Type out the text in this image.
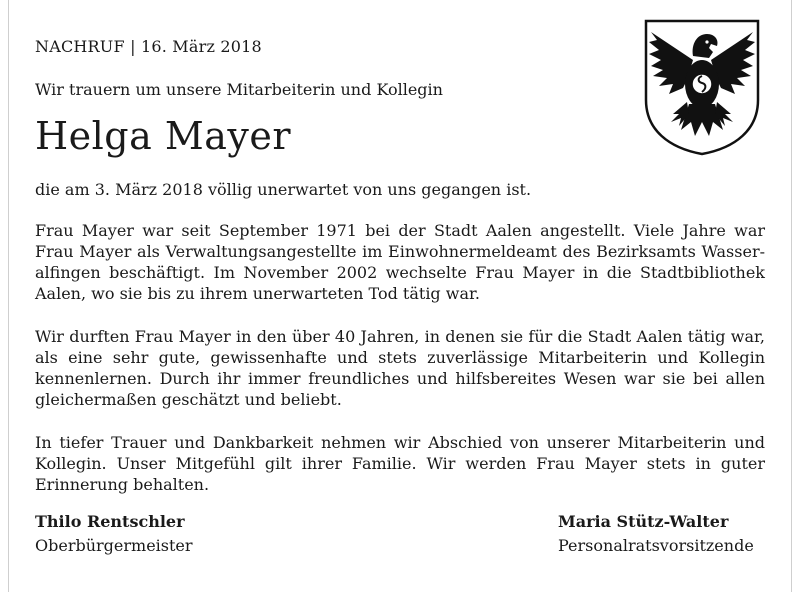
NACHRUF | 16. März 2018
Wir trauern um unsere Mitarbeiterin und Kollegin
Helga Mayer
die am 3. März 2018 völlig unerwartet von uns gegangen ist.

Frau Mayer war seit September 1971 bei der Stadt Aalen angestellt. Viele Jahre war Frau Mayer als Verwaltungsangestellte im Einwohnermeldeamt des Bezirksamts Wasseralfingen beschäftigt. Im November 2002 wechselte Frau Mayer in die Stadtbibliothek Aalen, wo sie bis zu ihrem unerwarteten Tod tätig war.

Wir durften Frau Mayer in den über 40 Jahren, in denen sie für die Stadt Aalen tätig war, als eine sehr gute, gewissenhafte und stets zuverlässige Mitarbeiterin und Kollegin kennenlernen. Durch ihr immer freundliches und hilfsbereites Wesen war sie bei allen gleichermaßen geschätzt und beliebt.

In tiefer Trauer und Dankbarkeit nehmen wir Abschied von unserer Mitarbeiterin und Kollegin. Unser Mitgefühl gilt ihrer Familie. Wir werden Frau Mayer stets in guter Erinnerung behalten.

Thilo Rentschler
Oberbürgermeister
Maria Stütz-Walter
Personalratsvorsitzende
